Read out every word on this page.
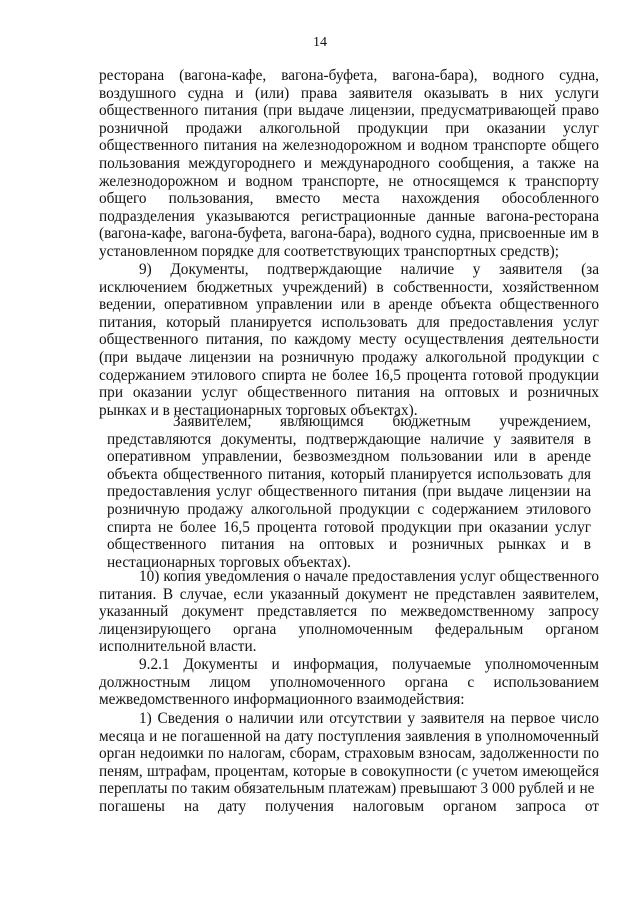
14

ресторана (вагона-кафе, вагона-буфета, вагона-бара), водного судна, воздушного судна и (или) права заявителя оказывать в них услуги общественного питания (при выдаче лицензии, предусматривающей право розничной продажи алкогольной продукции при оказании услуг общественного питания на железнодорожном и водном транспорте общего пользования междугороднего и международного сообщения, а также на железнодорожном и водном транспорте, не относящемся к транспорту общего пользования, вместо места нахождения обособленного подразделения указываются регистрационные данные вагона-ресторана (вагона-кафе, вагона-буфета, вагона-бара), водного судна, присвоенные им в установленном порядке для соответствующих транспортных средств);

9) Документы, подтверждающие наличие у заявителя (за исключением бюджетных учреждений) в собственности, хозяйственном ведении, оперативном управлении или в аренде объекта общественного питания, который планируется использовать для предоставления услуг общественного питания, по каждому месту осуществления деятельности (при выдаче лицензии на розничную продажу алкогольной продукции с содержанием этилового спирта не более 16,5 процента готовой продукции при оказании услуг общественного питания на оптовых и розничных рынках и в нестационарных торговых объектах).

Заявителем, являющимся бюджетным учреждением, представляются документы, подтверждающие наличие у заявителя в оперативном управлении, безвозмездном пользовании или в аренде объекта общественного питания, который планируется использовать для предоставления услуг общественного питания (при выдаче лицензии на розничную продажу алкогольной продукции с содержанием этилового спирта не более 16,5 процента готовой продукции при оказании услуг общественного питания на оптовых и розничных рынках и в нестационарных торговых объектах).

10) копия уведомления о начале предоставления услуг общественного питания. В случае, если указанный документ не представлен заявителем, указанный документ представляется по межведомственному запросу лицензирующего органа уполномоченным федеральным органом исполнительной власти.

9.2.1 Документы и информация, получаемые уполномоченным должностным лицом уполномоченного органа с использованием межведомственного информационного взаимодействия:

1) Сведения о наличии или отсутствии у заявителя на первое число месяца и не погашенной на дату поступления заявления в уполномоченный орган недоимки по налогам, сборам, страховым взносам, задолженности по пеням, штрафам, процентам, которые в совокупности (с учетом имеющейся переплаты по таким обязательным платежам) превышают 3 000 рублей и не
погашены на дату получения налоговым органом запроса от
